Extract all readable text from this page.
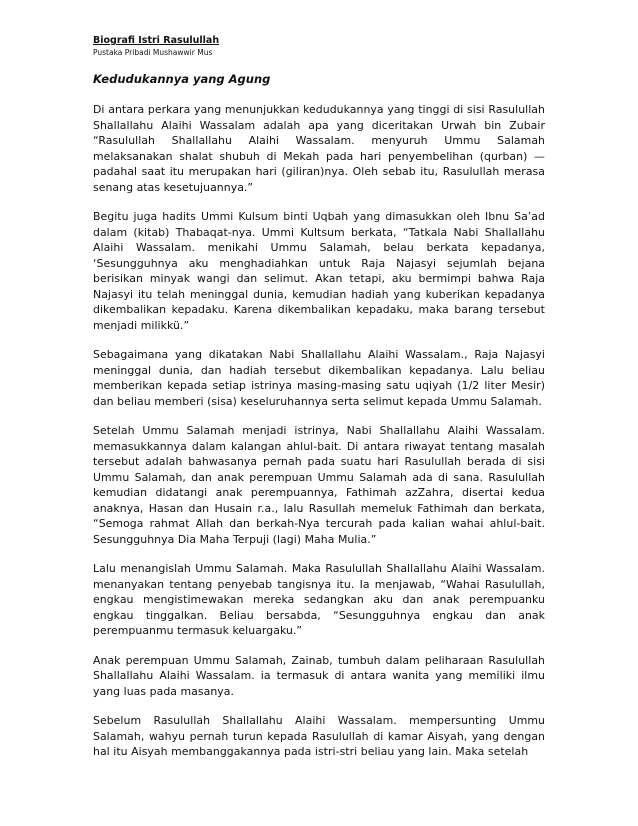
Biografi Istri Rasulullah
Pustaka Pribadi Mushawwir Mus
Kedudukannya yang Agung

Di antara perkara yang menunjukkan kedudukannya yang tinggi di sisi Rasulullah Shallallahu Alaihi Wassalam adalah apa yang diceritakan Urwah bin Zubair “Rasulullah Shallallahu Alaihi Wassalam. menyuruh Ummu Salamah melaksanakan shalat shubuh di Mekah pada hari penyembelihan (qurban) — padahal saat itu merupakan hari (giliran)nya. Oleh sebab itu, Rasulullah merasa senang atas kesetujuannya.”

Begitu juga hadits Ummi Kulsum binti Uqbah yang dimasukkan oleh Ibnu Sa’ad dalam (kitab) Thabaqat-nya. Ummi Kultsum berkata, “Tatkala Nabi Shallallahu Alaihi Wassalam. menikahi Ummu Salamah, belau berkata kepadanya, ‘Sesungguhnya aku menghadiahkan untuk Raja Najasyi sejumlah bejana berisikan minyak wangi dan selimut. Akan tetapi, aku bermimpi bahwa Raja Najasyi itu telah meninggal dunia, kemudian hadiah yang kuberikan kepadanya dikembalikan kepadaku. Karena dikembalikan kepadaku, maka barang tersebut menjadi milikkü.”

Sebagaimana yang dikatakan Nabi Shallallahu Alaihi Wassalam., Raja Najasyi meninggal dunia, dan hadiah tersebut dikembalikan kepadanya. Lalu beliau memberikan kepada setiap istrinya masing-masing satu uqiyah (1/2 liter Mesir) dan beliau memberi (sisa) keseluruhannya serta selimut kepada Ummu Salamah.

Setelah Ummu Salamah menjadi istrinya, Nabi Shallallahu Alaihi Wassalam. memasukkannya dalam kalangan ahlul-bait. Di antara riwayat tentang masalah tersebut adalah bahwasanya pernah pada suatu hari Rasulullah berada di sisi Ummu Salamah, dan anak perempuan Ummu Salamah ada di sana. Rasulullah kemudian didatangi anak perempuannya, Fathimah azZahra, disertai kedua anaknya, Hasan dan Husain r.a., lalu Rasullah memeluk Fathimah dan berkata, “Semoga rahmat Allah dan berkah-Nya tercurah pada kalian wahai ahlul-bait. Sesungguhnya Dia Maha Terpuji (lagi) Maha Mulia.”

Lalu menangislah Ummu Salamah. Maka Rasulullah Shallallahu Alaihi Wassalam. menanyakan tentang penyebab tangisnya itu. Ia menjawab, “Wahai Rasulullah, engkau mengistimewakan mereka sedangkan aku dan anak perempuanku engkau tinggalkan. Beliau bersabda, “Sesungguhnya engkau dan anak perempuanmu termasuk keluargaku.”

Anak perempuan Ummu Salamah, Zainab, tumbuh dalam peliharaan Rasulullah Shallallahu Alaihi Wassalam. ia termasuk di antara wanita yang memiliki ilmu yang luas pada masanya.

Sebelum Rasulullah Shallallahu Alaihi Wassalam. mempersunting Ummu Salamah, wahyu pernah turun kepada Rasulullah di kamar Aisyah, yang dengan hal itu Aisyah membanggakannya pada istri-stri beliau yang lain. Maka setelah
